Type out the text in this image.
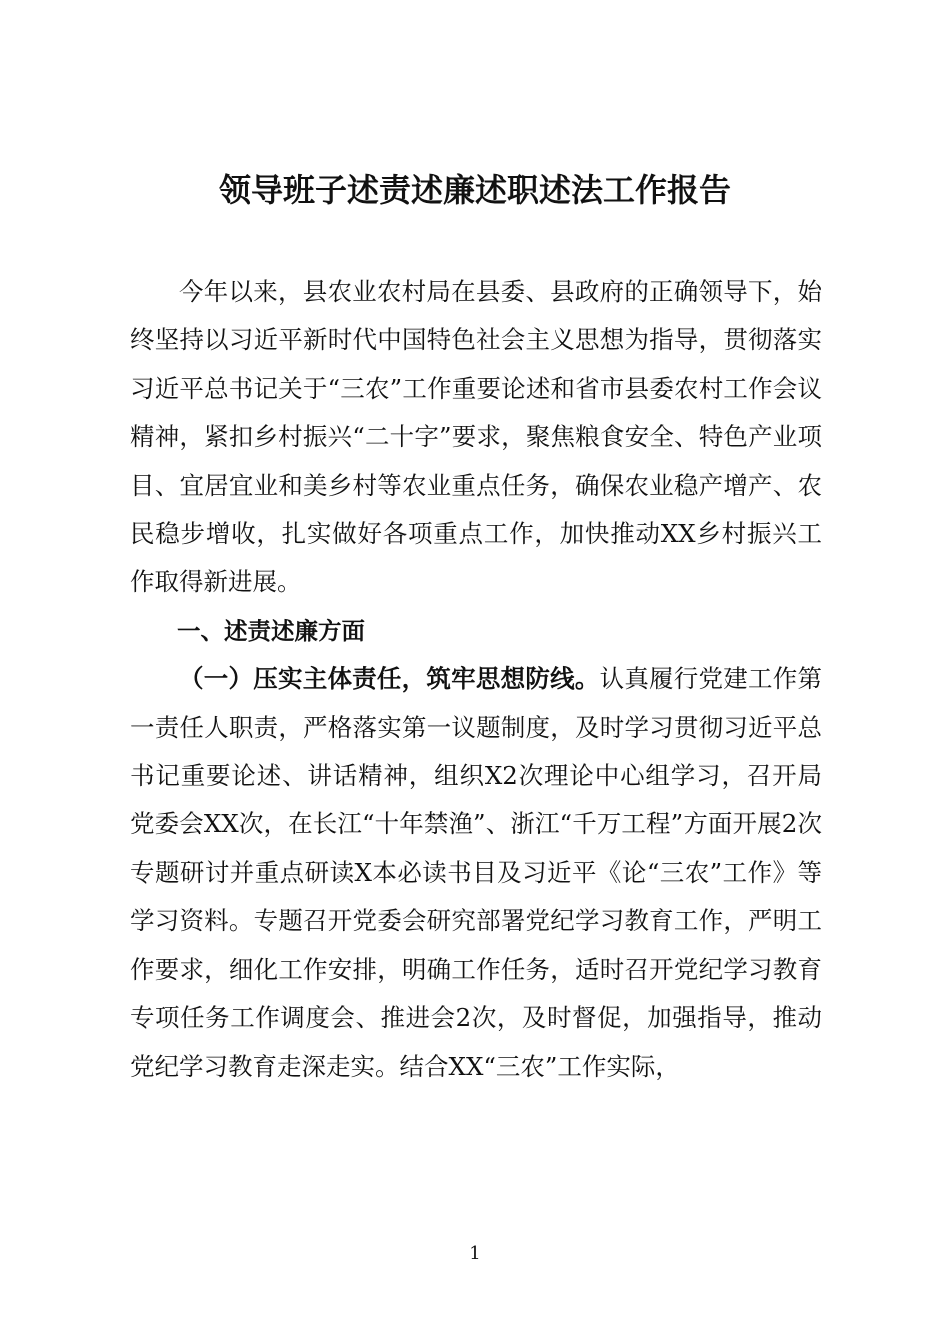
领导班子述责述廉述职述法工作报告

今年以来，县农业农村局在县委、县政府的正确领导下，始终坚持以习近平新时代中国特色社会主义思想为指导，贯彻落实习近平总书记关于“三农”工作重要论述和省市县委农村工作会议精神，紧扣乡村振兴“二十字”要求，聚焦粮食安全、特色产业项目、宜居宜业和美乡村等农业重点任务，确保农业稳产增产、农民稳步增收，扎实做好各项重点工作，加快推动XX乡村振兴工作取得新进展。

一、述责述廉方面

（一）压实主体责任，筑牢思想防线。认真履行党建工作第一责任人职责，严格落实第一议题制度，及时学习贯彻习近平总书记重要论述、讲话精神，组织X2次理论中心组学习，召开局党委会XX次，在长江“十年禁渔”、浙江“千万工程”方面开展2次专题研讨并重点研读X本必读书目及习近平《论“三农”工作》等学习资料。专题召开党委会研究部署党纪学习教育工作，严明工作要求，细化工作安排，明确工作任务，适时召开党纪学习教育专项任务工作调度会、推进会2次，及时督促，加强指导，推动党纪学习教育走深走实。结合XX“三农”工作实际，

1
